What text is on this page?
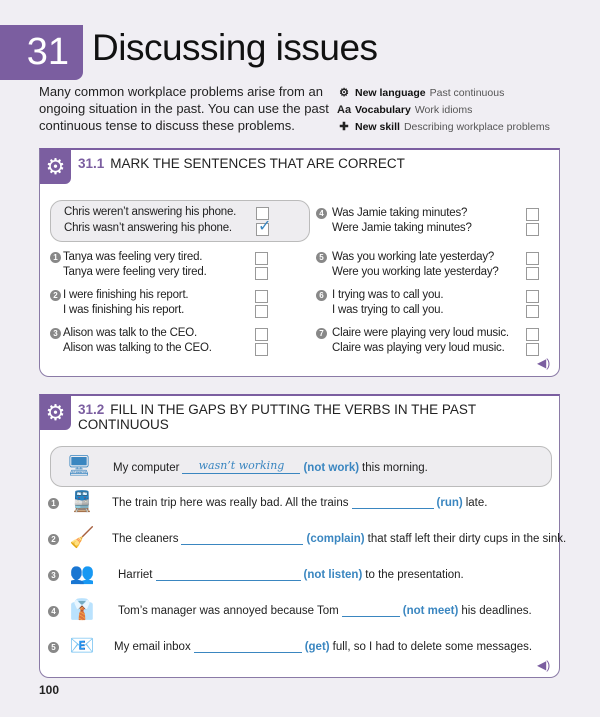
31 Discussing issues
Many common workplace problems arise from an ongoing situation in the past. You can use the past continuous tense to discuss these problems.
⚙ New language Past continuous
Aa Vocabulary Work idioms
✚ New skill Describing workplace problems
⚙ 31.1 MARK THE SENTENCES THAT ARE CORRECT
Chris weren’t answering his phone.
Chris wasn’t answering his phone. ✓
1 Tanya was feeling very tired.
Tanya were feeling very tired.
2 I were finishing his report.
I was finishing his report.
3 Alison was talk to the CEO.
Alison was talking to the CEO.
4 Was Jamie taking minutes?
Were Jamie taking minutes?
5 Was you working late yesterday?
Were you working late yesterday?
6 I trying was to call you.
I was trying to call you.
7 Claire were playing very loud music.
Claire was playing very loud music.
◀)
⚙ 31.2 FILL IN THE GAPS BY PUTTING THE VERBS IN THE PAST CONTINUOUS
🖥	My computer	wasn’t working	(not work) this morning.
1 🚆	The train trip here was really bad. All the trains	(run) late.
2 🧹	The cleaners	(complain) that staff left their dirty cups in the sink.
3 👥	Harriet	(not listen) to the presentation.
4 👔	Tom’s manager was annoyed because Tom	(not meet) his deadlines.
5 📧	My email inbox	(get) full, so I had to delete some messages.
◀)
100
